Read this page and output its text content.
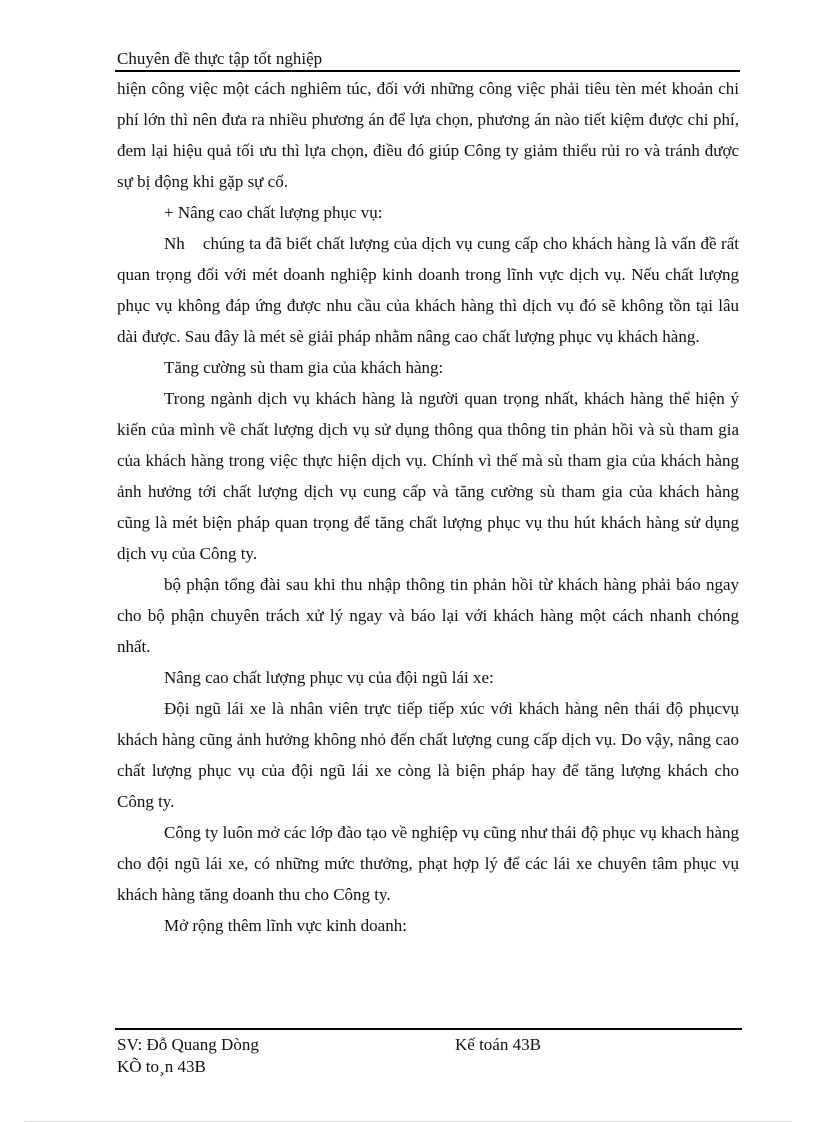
Chuyên đề thực tập tốt nghiệp

hiện công việc một cách nghiêm túc, đối với những công việc phải tiêu tèn mét khoản chi phí lớn thì nên đưa ra nhiều phương án để lựa chọn, phương án nào tiết kiệm được chi phí, đem lại hiệu quả tối ưu thì lựa chọn, điều đó giúp Công ty giảm thiểu rủi ro và tránh được sự bị động khi gặp sự cố.

+ Nâng cao chất lượng phục vụ:

Nh    chúng ta đã biết chất lượng của dịch vụ cung cấp cho khách hàng là vấn đề rất quan trọng đối với mét doanh nghiệp kinh doanh trong lĩnh vực dịch vụ. Nếu chất lượng phục vụ không đáp ứng được nhu cầu của khách hàng thì dịch vụ đó sẽ không tồn tại lâu dài được. Sau đây là mét sè giải pháp nhằm nâng cao chất lượng phục vụ khách hàng.

Tăng cường sù tham gia của khách hàng:

Trong ngành dịch vụ khách hàng là người quan trọng nhất, khách hàng thể hiện ý kiến của mình về chất lượng dịch vụ sử dụng thông qua thông tin phản hồi và sù tham gia của khách hàng trong việc thực hiện dịch vụ. Chính vì thế mà sù tham gia của khách hàng ảnh hưởng tới chất lượng dịch vụ cung cấp và tăng cường sù tham gia của khách hàng cũng là mét biện pháp quan trọng để tăng chất lượng phục vụ thu hút khách hàng sử dụng dịch vụ của Công ty.

bộ phận tổng đài sau khi thu nhập thông tin phản hồi từ khách hàng phải báo ngay cho bộ phận chuyên trách xử lý ngay và báo lại với khách hàng một cách nhanh chóng nhất.

Nâng cao chất lượng phục vụ của đội ngũ lái xe:

Đội ngũ lái xe là nhân viên trực tiếp tiếp xúc với khách hàng nên thái độ phụcvụ khách hàng cũng ảnh hưởng không nhỏ đến chất lượng cung cấp dịch vụ. Do vậy, nâng cao chất lượng phục vụ của đội ngũ lái xe còng là biện pháp hay để tăng lượng khách cho Công ty.

Công ty luôn mở các lớp đào tạo về nghiệp vụ cũng như thái độ phục vụ khach hàng cho đội ngũ lái xe, có những mức thưởng, phạt hợp lý để các lái xe chuyên tâm phục vụ khách hàng tăng doanh thu cho Công ty.

Mở rộng thêm lĩnh vực kinh doanh:

SV: Đỗ Quang Dòng	Kế toán 43B
KÕ to¸n 43B
